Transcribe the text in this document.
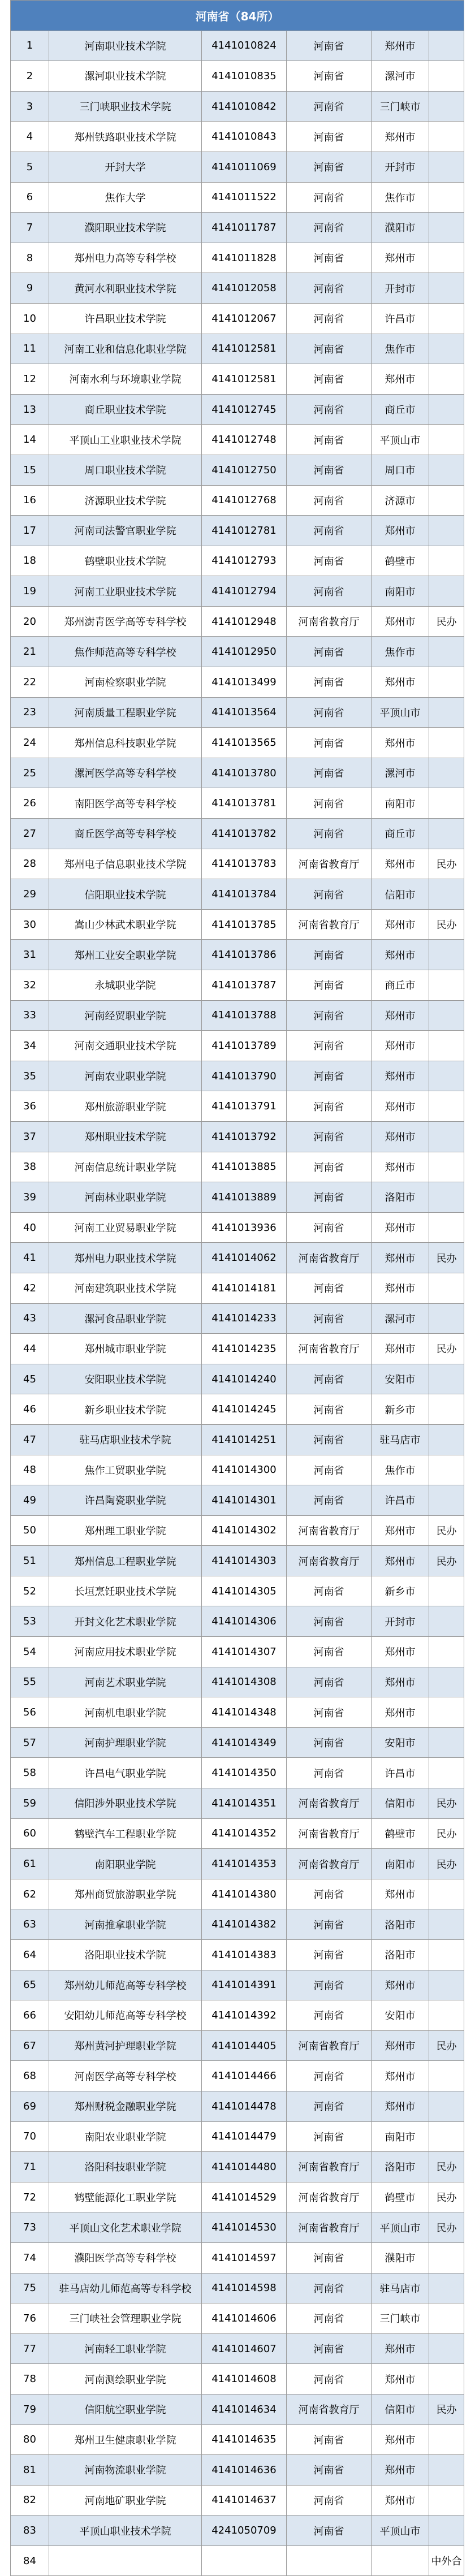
河南省（84所）					
1	河南职业技术学院	4141010824	河南省	郑州市	
2	漯河职业技术学院	4141010835	河南省	漯河市	
3	三门峡职业技术学院	4141010842	河南省	三门峡市	
4	郑州铁路职业技术学院	4141010843	河南省	郑州市	
5	开封大学	4141011069	河南省	开封市	
6	焦作大学	4141011522	河南省	焦作市	
7	濮阳职业技术学院	4141011787	河南省	濮阳市	
8	郑州电力高等专科学校	4141011828	河南省	郑州市	
9	黄河水利职业技术学院	4141012058	河南省	开封市	
10	许昌职业技术学院	4141012067	河南省	许昌市	
11	河南工业和信息化职业学院	4141012581	河南省	焦作市	
12	河南水利与环境职业学院	4141012581	河南省	郑州市	
13	商丘职业技术学院	4141012745	河南省	商丘市	
14	平顶山工业职业技术学院	4141012748	河南省	平顶山市	
15	周口职业技术学院	4141012750	河南省	周口市	
16	济源职业技术学院	4141012768	河南省	济源市	
17	河南司法警官职业学院	4141012781	河南省	郑州市	
18	鹤壁职业技术学院	4141012793	河南省	鹤壁市	
19	河南工业职业技术学院	4141012794	河南省	南阳市	
20	郑州澍青医学高等专科学校	4141012948	河南省教育厅	郑州市	民办
21	焦作师范高等专科学校	4141012950	河南省	焦作市	
22	河南检察职业学院	4141013499	河南省	郑州市	
23	河南质量工程职业学院	4141013564	河南省	平顶山市	
24	郑州信息科技职业学院	4141013565	河南省	郑州市	
25	漯河医学高等专科学校	4141013780	河南省	漯河市	
26	南阳医学高等专科学校	4141013781	河南省	南阳市	
27	商丘医学高等专科学校	4141013782	河南省	商丘市	
28	郑州电子信息职业技术学院	4141013783	河南省教育厅	郑州市	民办
29	信阳职业技术学院	4141013784	河南省	信阳市	
30	嵩山少林武术职业学院	4141013785	河南省教育厅	郑州市	民办
31	郑州工业安全职业学院	4141013786	河南省	郑州市	
32	永城职业学院	4141013787	河南省	商丘市	
33	河南经贸职业学院	4141013788	河南省	郑州市	
34	河南交通职业技术学院	4141013789	河南省	郑州市	
35	河南农业职业学院	4141013790	河南省	郑州市	
36	郑州旅游职业学院	4141013791	河南省	郑州市	
37	郑州职业技术学院	4141013792	河南省	郑州市	
38	河南信息统计职业学院	4141013885	河南省	郑州市	
39	河南林业职业学院	4141013889	河南省	洛阳市	
40	河南工业贸易职业学院	4141013936	河南省	郑州市	
41	郑州电力职业技术学院	4141014062	河南省教育厅	郑州市	民办
42	河南建筑职业技术学院	4141014181	河南省	郑州市	
43	漯河食品职业学院	4141014233	河南省	漯河市	
44	郑州城市职业学院	4141014235	河南省教育厅	郑州市	民办
45	安阳职业技术学院	4141014240	河南省	安阳市	
46	新乡职业技术学院	4141014245	河南省	新乡市	
47	驻马店职业技术学院	4141014251	河南省	驻马店市	
48	焦作工贸职业学院	4141014300	河南省	焦作市	
49	许昌陶瓷职业学院	4141014301	河南省	许昌市	
50	郑州理工职业学院	4141014302	河南省教育厅	郑州市	民办
51	郑州信息工程职业学院	4141014303	河南省教育厅	郑州市	民办
52	长垣烹饪职业技术学院	4141014305	河南省	新乡市	
53	开封文化艺术职业学院	4141014306	河南省	开封市	
54	河南应用技术职业学院	4141014307	河南省	郑州市	
55	河南艺术职业学院	4141014308	河南省	郑州市	
56	河南机电职业学院	4141014348	河南省	郑州市	
57	河南护理职业学院	4141014349	河南省	安阳市	
58	许昌电气职业学院	4141014350	河南省	许昌市	
59	信阳涉外职业技术学院	4141014351	河南省教育厅	信阳市	民办
60	鹤壁汽车工程职业学院	4141014352	河南省教育厅	鹤壁市	民办
61	南阳职业学院	4141014353	河南省教育厅	南阳市	民办
62	郑州商贸旅游职业学院	4141014380	河南省	郑州市	
63	河南推拿职业学院	4141014382	河南省	洛阳市	
64	洛阳职业技术学院	4141014383	河南省	洛阳市	
65	郑州幼儿师范高等专科学校	4141014391	河南省	郑州市	
66	安阳幼儿师范高等专科学校	4141014392	河南省	安阳市	
67	郑州黄河护理职业学院	4141014405	河南省教育厅	郑州市	民办
68	河南医学高等专科学校	4141014466	河南省	郑州市	
69	郑州财税金融职业学院	4141014478	河南省	郑州市	
70	南阳农业职业学院	4141014479	河南省	南阳市	
71	洛阳科技职业学院	4141014480	河南省教育厅	洛阳市	民办
72	鹤壁能源化工职业学院	4141014529	河南省教育厅	鹤壁市	民办
73	平顶山文化艺术职业学院	4141014530	河南省教育厅	平顶山市	民办
74	濮阳医学高等专科学校	4141014597	河南省	濮阳市	
75	驻马店幼儿师范高等专科学校	4141014598	河南省	驻马店市	
76	三门峡社会管理职业学院	4141014606	河南省	三门峡市	
77	河南轻工职业学院	4141014607	河南省	郑州市	
78	河南测绘职业学院	4141014608	河南省	郑州市	
79	信阳航空职业学院	4141014634	河南省教育厅	信阳市	民办
80	郑州卫生健康职业学院	4141014635	河南省	郑州市	
81	河南物流职业学院	4141014636	河南省	郑州市	
82	河南地矿职业学院	4141014637	河南省	郑州市	
83	平顶山职业技术学院	4241050709	河南省	平顶山市	
84					中外合
